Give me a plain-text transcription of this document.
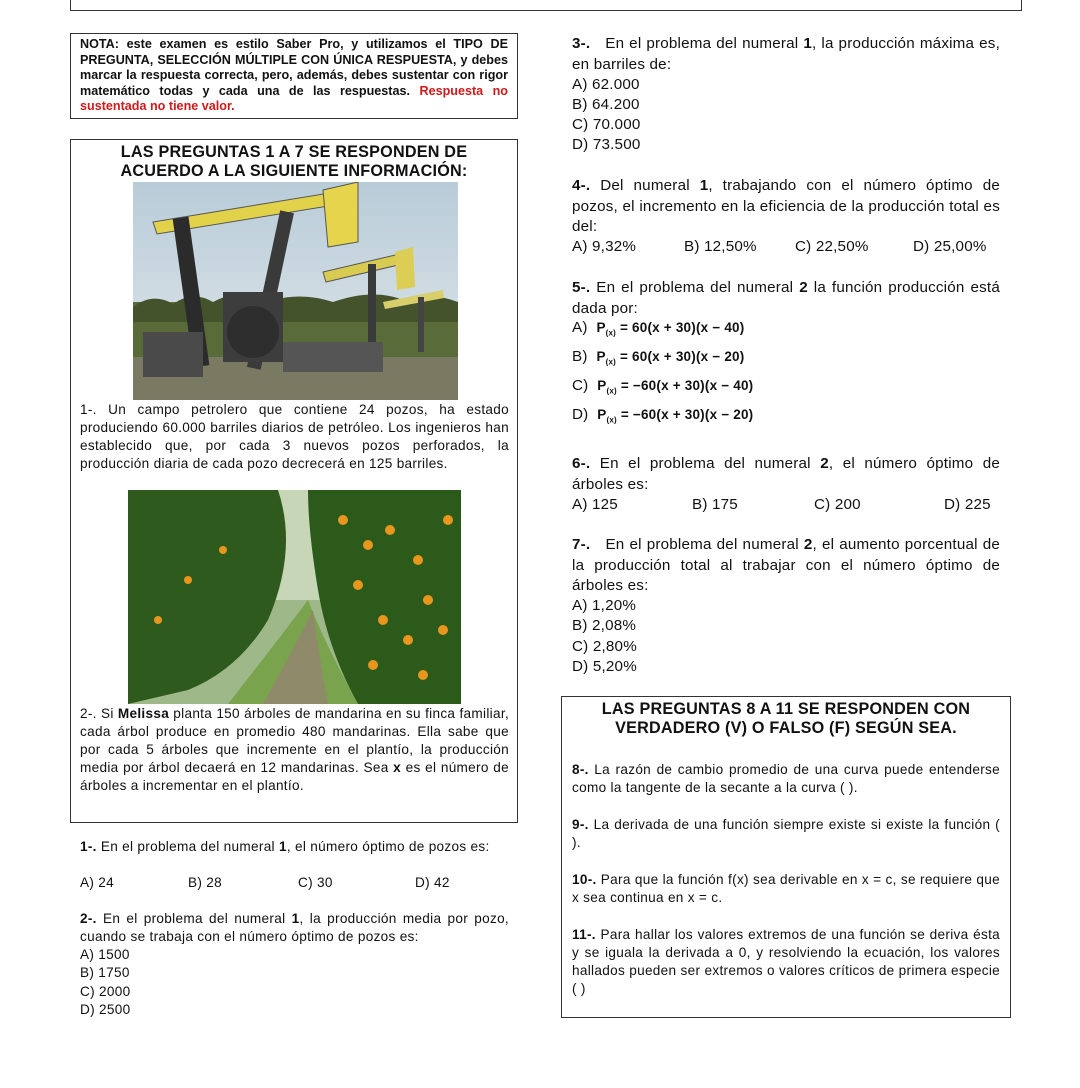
NOTA: este examen es estilo Saber Pro, y utilizamos el TIPO DE PREGUNTA, SELECCIÓN MÚLTIPLE CON ÚNICA RESPUESTA, y debes marcar la respuesta correcta, pero, además, debes sustentar con rigor matemático todas y cada una de las respuestas. Respuesta no sustentada no tiene valor.
LAS PREGUNTAS 1 A 7 SE RESPONDEN DE ACUERDO A LA SIGUIENTE INFORMACIÓN:
1-. Un campo petrolero que contiene 24 pozos, ha estado produciendo 60.000 barriles diarios de petróleo. Los ingenieros han establecido que, por cada 3 nuevos pozos perforados, la producción diaria de cada pozo decrecerá en 125 barriles.
2-. Si Melissa planta 150 árboles de mandarina en su finca familiar, cada árbol produce en promedio 480 mandarinas. Ella sabe que por cada 5 árboles que incremente en el plantío, la producción media por árbol decaerá en 12 mandarinas. Sea x es el número de árboles a incrementar en el plantío.
1-. En el problema del numeral 1, el número óptimo de pozos es:
A) 24	B) 28	C) 30	D) 42
2-. En el problema del numeral 1, la producción media por pozo, cuando se trabaja con el número óptimo de pozos es:
A) 1500
B) 1750
C) 2000
D) 2500
3-. En el problema del numeral 1, la producción máxima es, en barriles de:
A) 62.000
B) 64.200
C) 70.000
D) 73.500
4-. Del numeral 1, trabajando con el número óptimo de pozos, el incremento en la eficiencia de la producción total es del:
A) 9,32%	B) 12,50%	C) 22,50%	D) 25,00%
5-. En el problema del numeral 2 la función producción está dada por:
A) $P_{(x)} = 60(x + 30)(x - 40)$
B) $P_{(x)} = 60(x + 30)(x - 20)$
C) $P_{(x)} = -60(x + 30)(x - 40)$
D) $P_{(x)} = -60(x + 30)(x - 20)$
6-. En el problema del numeral 2, el número óptimo de árboles es:
A) 125	B) 175	C) 200	D) 225
7-. En el problema del numeral 2, el aumento porcentual de la producción total al trabajar con el número óptimo de árboles es:
A) 1,20%
B) 2,08%
C) 2,80%
D) 5,20%
LAS PREGUNTAS 8 A 11 SE RESPONDEN CON VERDADERO (V) O FALSO (F) SEGÚN SEA.
8-. La razón de cambio promedio de una curva puede entenderse como la tangente de la secante a la curva ( ).
9-. La derivada de una función siempre existe si existe la función ( ).
10-. Para que la función f(x) sea derivable en x = c, se requiere que x sea continua en x = c.
11-. Para hallar los valores extremos de una función se deriva ésta y se iguala la derivada a 0, y resolviendo la ecuación, los valores hallados pueden ser extremos o valores críticos de primera especie ( )
